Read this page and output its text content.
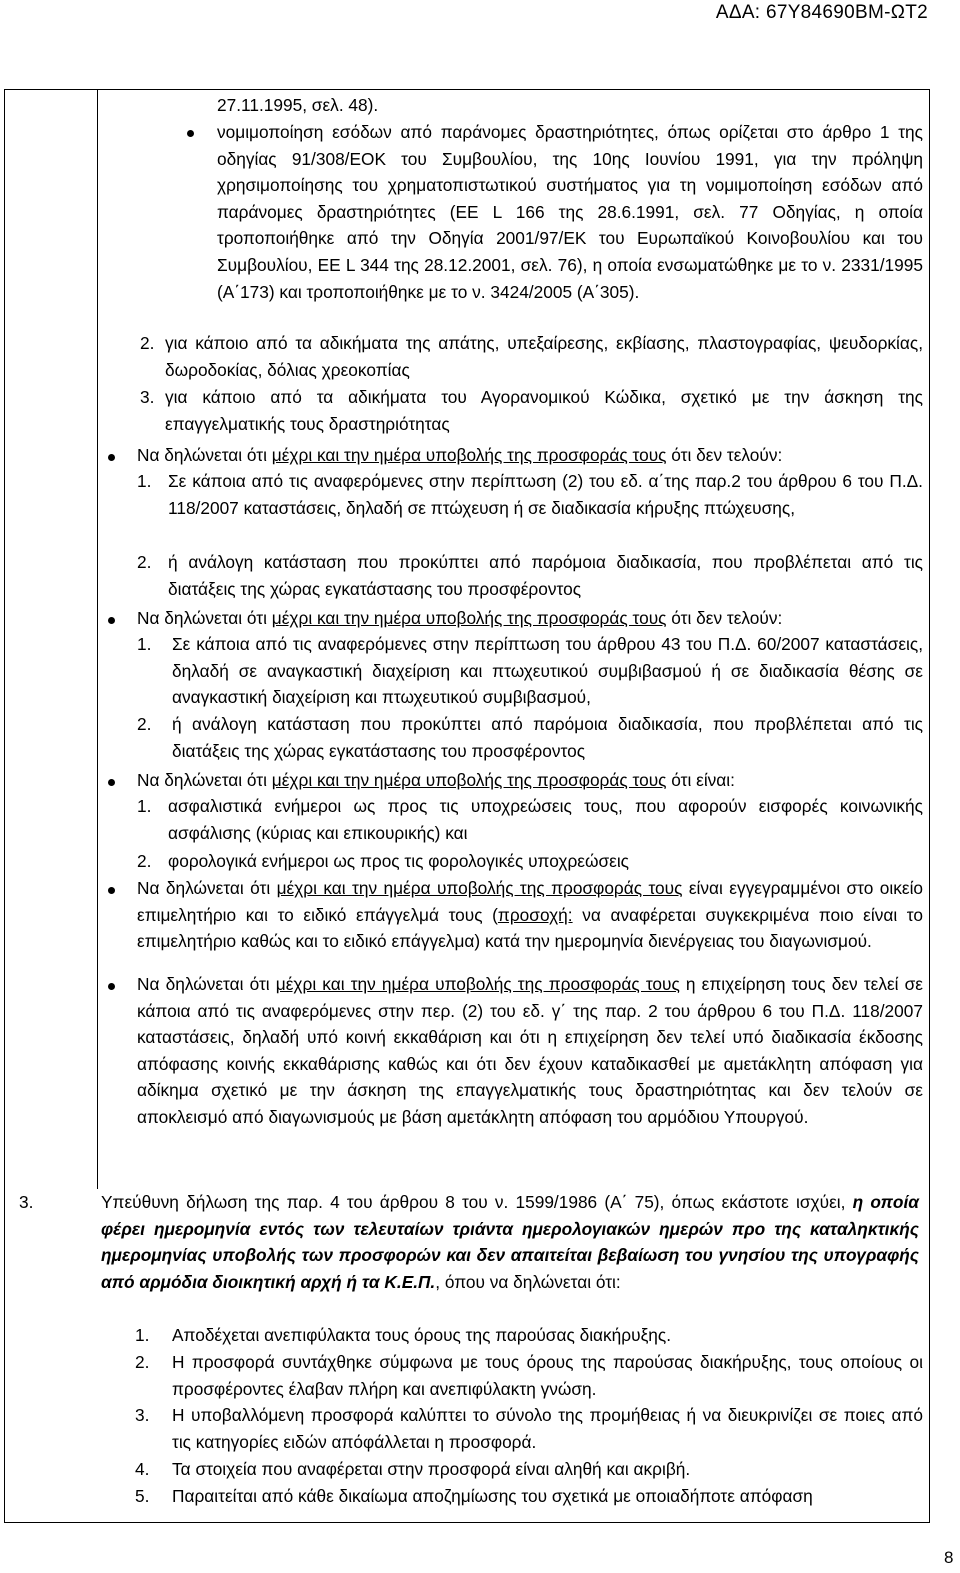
ΑΔΑ: 67Υ84690ΒΜ-ΩΤ2

27.11.1995, σελ. 48).

νομιμοποίηση εσόδων από παράνομες δραστηριότητες, όπως ορίζεται στο άρθρο 1 της οδηγίας 91/308/ΕΟΚ του Συμβουλίου, της 10ης Ιουνίου 1991, για την πρόληψη χρησιμοποίησης του χρηματοπιστωτικού συστήματος για τη νομιμοποίηση εσόδων από παράνομες δραστηριότητες (ΕΕ L 166 της 28.6.1991, σελ. 77 Οδηγίας, η οποία τροποποιήθηκε από την Οδηγία 2001/97/ΕΚ του Ευρωπαϊκού Κοινοβουλίου και του Συμβουλίου, ΕΕ L 344 της 28.12.2001, σελ. 76), η οποία ενσωματώθηκε με το ν. 2331/1995 (Α΄173) και τροποποιήθηκε με το ν. 3424/2005 (Α΄305).

2. για κάποιο από τα αδικήματα της απάτης, υπεξαίρεσης, εκβίασης, πλαστογραφίας, ψευδορκίας, δωροδοκίας, δόλιας χρεοκοπίας

3. για κάποιο από τα αδικήματα του Αγορανομικού Κώδικα, σχετικό με την άσκηση της επαγγελματικής τους δραστηριότητας

Να δηλώνεται ότι μέχρι και την ημέρα υποβολής της προσφοράς τους ότι δεν τελούν:

1. Σε κάποια από τις αναφερόμενες στην περίπτωση (2) του εδ. α΄της παρ.2 του άρθρου 6 του Π.Δ. 118/2007 καταστάσεις, δηλαδή σε πτώχευση ή σε διαδικασία κήρυξης πτώχευσης,

2. ή ανάλογη κατάσταση που προκύπτει από παρόμοια διαδικασία, που προβλέπεται από τις διατάξεις της χώρας εγκατάστασης του προσφέροντος

Να δηλώνεται ότι μέχρι και την ημέρα υποβολής της προσφοράς τους ότι δεν τελούν:

1. Σε κάποια από τις αναφερόμενες στην περίπτωση του άρθρου 43 του Π.Δ. 60/2007 καταστάσεις, δηλαδή σε αναγκαστική διαχείριση και πτωχευτικού συμβιβασμού ή σε διαδικασία θέσης σε αναγκαστική διαχείριση και πτωχευτικού συμβιβασμού,

2. ή ανάλογη κατάσταση που προκύπτει από παρόμοια διαδικασία, που προβλέπεται από τις διατάξεις της χώρας εγκατάστασης του προσφέροντος

Να δηλώνεται ότι μέχρι και την ημέρα υποβολής της προσφοράς τους ότι είναι:

1. ασφαλιστικά ενήμεροι ως προς τις υποχρεώσεις τους, που αφορούν εισφορές κοινωνικής ασφάλισης (κύριας και επικουρικής) και

2. φορολογικά ενήμεροι ως προς τις φορολογικές υποχρεώσεις

Να δηλώνεται ότι μέχρι και την ημέρα υποβολής της προσφοράς τους είναι εγγεγραμμένοι στο οικείο επιμελητήριο και το ειδικό επάγγελμά τους (προσοχή: να αναφέρεται συγκεκριμένα ποιο είναι το επιμελητήριο καθώς και το ειδικό επάγγελμα) κατά την ημερομηνία διενέργειας του διαγωνισμού.

Να δηλώνεται ότι μέχρι και την ημέρα υποβολής της προσφοράς τους η επιχείρηση τους δεν τελεί σε κάποια από τις αναφερόμενες στην περ. (2) του εδ. γ΄ της παρ. 2 του άρθρου 6 του Π.Δ. 118/2007 καταστάσεις, δηλαδή υπό κοινή εκκαθάριση και ότι η επιχείρηση δεν τελεί υπό διαδικασία έκδοσης απόφασης κοινής εκκαθάρισης καθώς και ότι δεν έχουν καταδικασθεί με αμετάκλητη απόφαση για αδίκημα σχετικό με την άσκηση της επαγγελματικής τους δραστηριότητας και δεν τελούν σε αποκλεισμό από διαγωνισμούς με βάση αμετάκλητη απόφαση του αρμόδιου Υπουργού.

3.	Υπεύθυνη δήλωση της παρ. 4 του άρθρου 8 του ν. 1599/1986 (Α΄ 75), όπως εκάστοτε ισχύει, η οποία φέρει ημερομηνία εντός των τελευταίων τριάντα ημερολογιακών ημερών προ της καταληκτικής ημερομηνίας υποβολής των προσφορών και δεν απαιτείται βεβαίωση του γνησίου της υπογραφής από αρμόδια διοικητική αρχή ή τα Κ.Ε.Π., όπου να δηλώνεται ότι:

1. Αποδέχεται ανεπιφύλακτα τους όρους της παρούσας διακήρυξης.

2. Η προσφορά συντάχθηκε σύμφωνα με τους όρους της παρούσας διακήρυξης, τους οποίους οι προσφέροντες έλαβαν πλήρη και ανεπιφύλακτη γνώση.

3. Η υποβαλλόμενη προσφορά καλύπτει το σύνολο της προμήθειας ή να διευκρινίζει σε ποιες από τις κατηγορίες ειδών απόφάλλεται η προσφορά.

4. Τα στοιχεία που αναφέρεται στην προσφορά είναι αληθή και ακριβή.

5. Παραιτείται από κάθε δικαίωμα αποζημίωσης του σχετικά με οποιαδήποτε απόφαση

8
